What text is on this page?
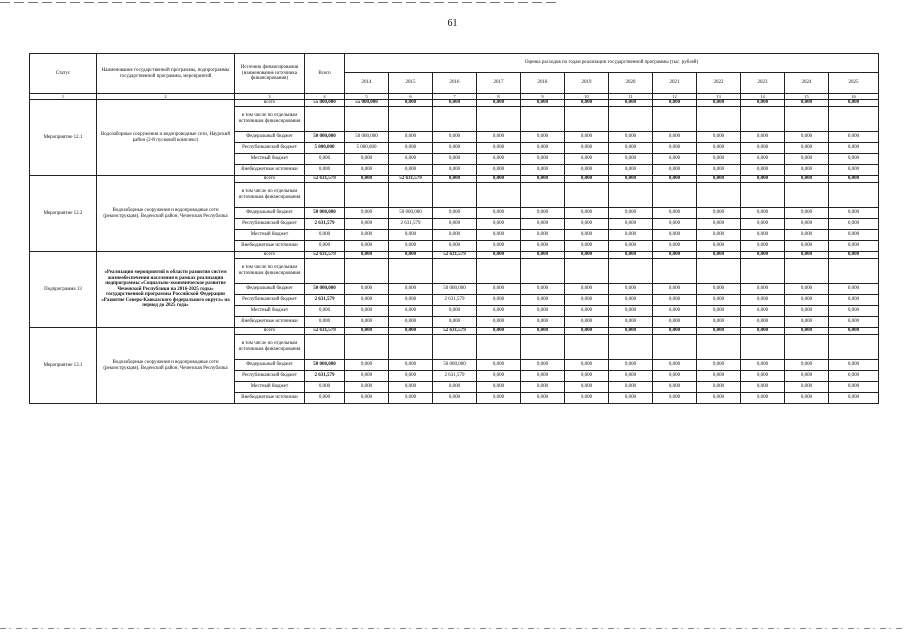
61
Статус	Наименование государственной программы, подпрограммы государственной программы, мероприятий	Источник финансирования (наименование источника финансирования)	Всего	Оценка расходов по годам реализации государственной программы (тыс. рублей)											
				2014	2015	2016	2017	2018	2019	2020	2021	2022	2023	2024	2025
1	2	3	4	5	6	7	8	9	10	11	12	13	14	15	16
Мероприятие 12.1	Водозаборные сооружения и водопроводные сети, Наурский район (2-й пусковой комплекс)	всего	55 000,000	55 000,000	0,000	0,000	0,000	0,000	0,000	0,000	0,000	0,000	0,000	0,000	0,000
		в том числе по отдельным источникам финансирования													
		Федеральный бюджет	50 000,000	50 000,000	0,000	0,000	0,000	0,000	0,000	0,000	0,000	0,000	0,000	0,000	0,000
		Республиканский бюджет	5 000,000	5 000,000	0,000	0,000	0,000	0,000	0,000	0,000	0,000	0,000	0,000	0,000	0,000
		Местный бюджет	0,000	0,000	0,000	0,000	0,000	0,000	0,000	0,000	0,000	0,000	0,000	0,000	0,000
		Внебюджетные источники	0,000	0,000	0,000	0,000	0,000	0,000	0,000	0,000	0,000	0,000	0,000	0,000	0,000
Мероприятие 12.2	Водозаборные сооружения и водопроводные сети (реконструкция), Веденский район, Чеченская Республика	всего	52 631,579	0,000	52 631,579	0,000	0,000	0,000	0,000	0,000	0,000	0,000	0,000	0,000	0,000
		в том числе по отдельным источникам финансирования													
		Федеральный бюджет	50 000,000	0,000	50 000,000	0,000	0,000	0,000	0,000	0,000	0,000	0,000	0,000	0,000	0,000
		Республиканский бюджет	2 631,579	0,000	2 631,579	0,000	0,000	0,000	0,000	0,000	0,000	0,000	0,000	0,000	0,000
		Местный бюджет	0,000	0,000	0,000	0,000	0,000	0,000	0,000	0,000	0,000	0,000	0,000	0,000	0,000
		Внебюджетные источники	0,000	0,000	0,000	0,000	0,000	0,000	0,000	0,000	0,000	0,000	0,000	0,000	0,000
Подпрограмма 13	«Реализация мероприятий в области развития систем жизнеобеспечения населения в рамках реализации подпрограммы «Социально-экономическое развитие Чеченской Республики на 2016-2025 годы» государственной программы Российской Федерации «Развитие Северо-Кавказского федерального округа» на период до 2025 года»	всего	52 631,579	0,000	0,000	52 631,579	0,000	0,000	0,000	0,000	0,000	0,000	0,000	0,000	0,000
		в том числе по отдельным источникам финансирования													
		Федеральный бюджет	50 000,000	0,000	0,000	50 000,000	0,000	0,000	0,000	0,000	0,000	0,000	0,000	0,000	0,000
		Республиканский бюджет	2 631,579	0,000	0,000	2 631,579	0,000	0,000	0,000	0,000	0,000	0,000	0,000	0,000	0,000
		Местный бюджет	0,000	0,000	0,000	0,000	0,000	0,000	0,000	0,000	0,000	0,000	0,000	0,000	0,000
		Внебюджетные источники	0,000	0,000	0,000	0,000	0,000	0,000	0,000	0,000	0,000	0,000	0,000	0,000	0,000
Мероприятие 13.1	Водозаборные сооружения и водопроводные сети (реконструкция), Веденский район, Чеченская Республика	всего	52 631,579	0,000	0,000	52 631,579	0,000	0,000	0,000	0,000	0,000	0,000	0,000	0,000	0,000
		в том числе по отдельным источникам финансирования													
		Федеральный бюджет	50 000,000	0,000	0,000	50 000,000	0,000	0,000	0,000	0,000	0,000	0,000	0,000	0,000	0,000
		Республиканский бюджет	2 631,579	0,000	0,000	2 631,579	0,000	0,000	0,000	0,000	0,000	0,000	0,000	0,000	0,000
		Местный бюджет	0,000	0,000	0,000	0,000	0,000	0,000	0,000	0,000	0,000	0,000	0,000	0,000	0,000
		Внебюджетные источники	0,000	0,000	0,000	0,000	0,000	0,000	0,000	0,000	0,000	0,000	0,000	0,000	0,000
